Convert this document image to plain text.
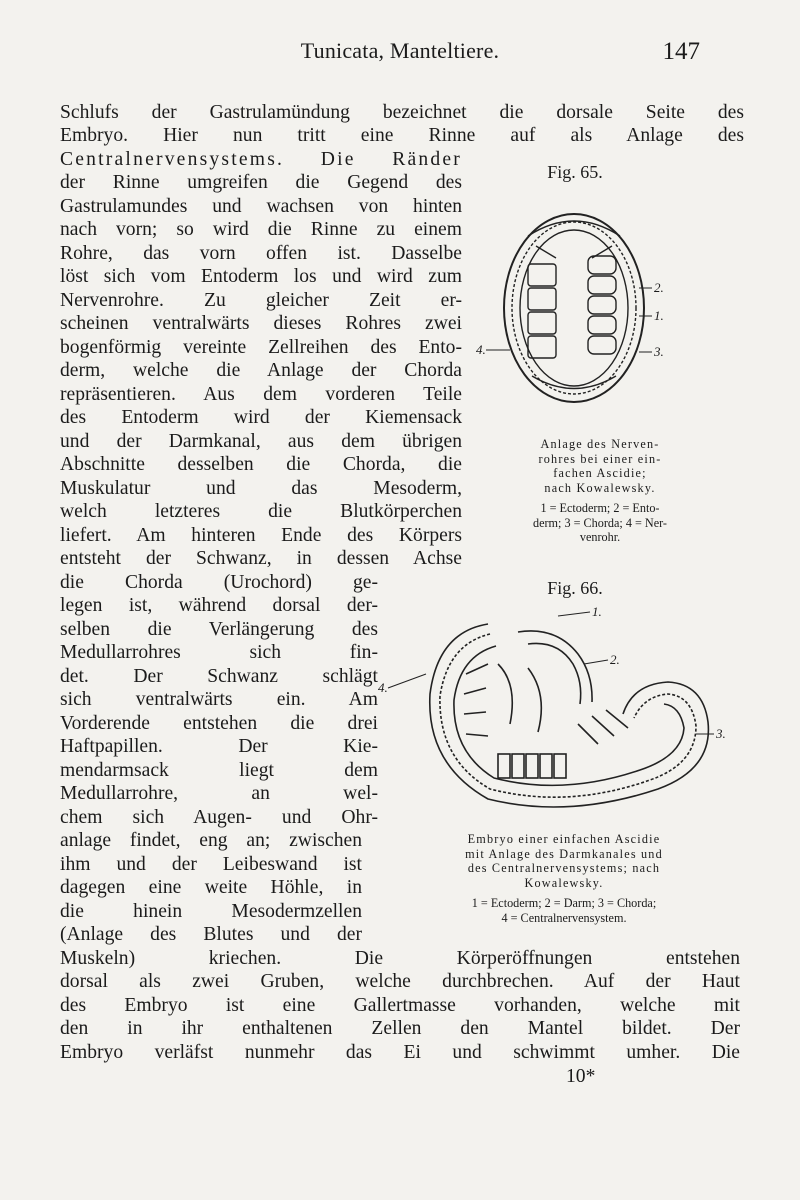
Tunicata, Manteltiere.	147
Schlufs der Gastrulamündung bezeichnet die dorsale Seite des
Embryo. Hier nun tritt eine Rinne auf als Anlage des
Centralnervensystems. Die Ränder
der Rinne umgreifen die Gegend des
Gastrulamundes und wachsen von hinten
nach vorn; so wird die Rinne zu einem
Rohre, das vorn offen ist. Dasselbe
löst sich vom Entoderm los und wird zum
Nervenrohre. Zu gleicher Zeit er-
scheinen ventralwärts dieses Rohres zwei
bogenförmig vereinte Zellreihen des Ento-
derm, welche die Anlage der Chorda
repräsentieren. Aus dem vorderen Teile
des Entoderm wird der Kiemensack
und der Darmkanal, aus dem übrigen
Abschnitte desselben die Chorda, die
Muskulatur und das Mesoderm,
welch letzteres die Blutkörperchen
liefert. Am hinteren Ende des Körpers
entsteht der Schwanz, in dessen Achse
die Chorda (Urochord) ge-
legen ist, während dorsal der-
selben die Verlängerung des
Medullarrohres sich fin-
det. Der Schwanz schlägt
sich ventralwärts ein. Am
Vorderende entstehen die drei
Haftpapillen. Der Kie-
mendarmsack liegt dem
Medullarrohre, an wel-
chem sich Augen- und Ohr-
anlage findet, eng an; zwischen
ihm und der Leibeswand ist
dagegen eine weite Höhle, in
die hinein Mesodermzellen
(Anlage des Blutes und der
Muskeln) kriechen. Die Körperöffnungen entstehen
dorsal als zwei Gruben, welche durchbrechen. Auf der Haut
des Embryo ist eine Gallertmasse vorhanden, welche mit
den in ihr enthaltenen Zellen den Mantel bildet. Der
Embryo verläfst nunmehr das Ei und schwimmt umher. Die
10*
Fig. 65.
2.
1.
3.
4.
Anlage des Nerven-
rohres bei einer ein-
fachen Ascidie;
nach Kowalewsky.
1 = Ectoderm; 2 = Ento-
derm; 3 = Chorda; 4 = Ner-
venrohr.
Fig. 66.
1.
2.
3.
4.
Embryo einer einfachen Ascidie
mit Anlage des Darmkanales und
des Centralnervensystems; nach
Kowalewsky.
1 = Ectoderm; 2 = Darm; 3 = Chorda;
4 = Centralnervensystem.
